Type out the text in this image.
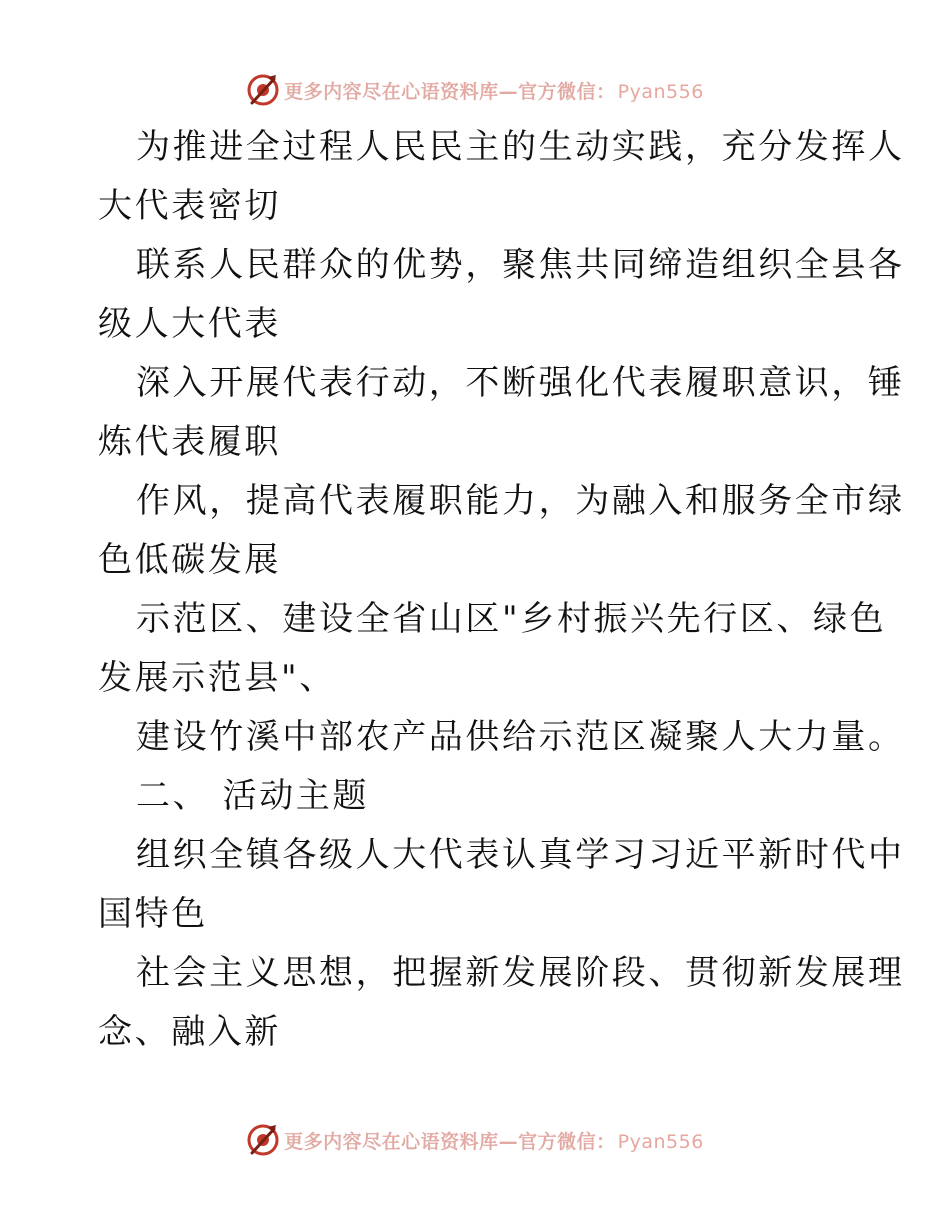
更多内容尽在心语资料库—官方微信： Pyan556
为推进全过程人民民主的生动实践，充分发挥人
大代表密切
联系人民群众的优势，聚焦共同缔造组织全县各
级人大代表
深入开展代表行动，不断强化代表履职意识，锤
炼代表履职
作风，提高代表履职能力，为融入和服务全市绿
色低碳发展
示范区、建设全省山区"乡村振兴先行区、绿色
发展示范县"、
建设竹溪中部农产品供给示范区凝聚人大力量。
二、 活动主题
组织全镇各级人大代表认真学习习近平新时代中
国特色
社会主义思想，把握新发展阶段、贯彻新发展理
念、融入新
更多内容尽在心语资料库—官方微信： Pyan556
